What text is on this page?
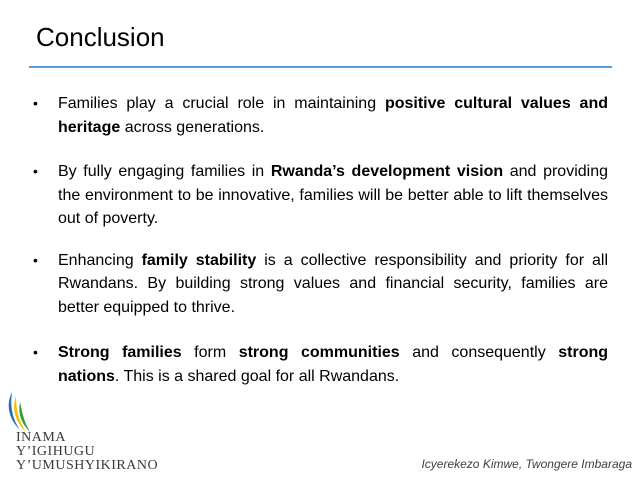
Conclusion
• Families play a crucial role in maintaining positive cultural values and heritage across generations.
• By fully engaging families in Rwanda’s development vision and providing the environment to be innovative, families will be better able to lift themselves out of poverty.
• Enhancing family stability is a collective responsibility and priority for all Rwandans. By building strong values and financial security, families are better equipped to thrive.
• Strong families form strong communities and consequently strong nations. This is a shared goal for all Rwandans.
INAMA
Y’IGIHUGU
Y’UMUSHYIKIRANO	Icyerekezo Kimwe, Twongere Imbaraga
